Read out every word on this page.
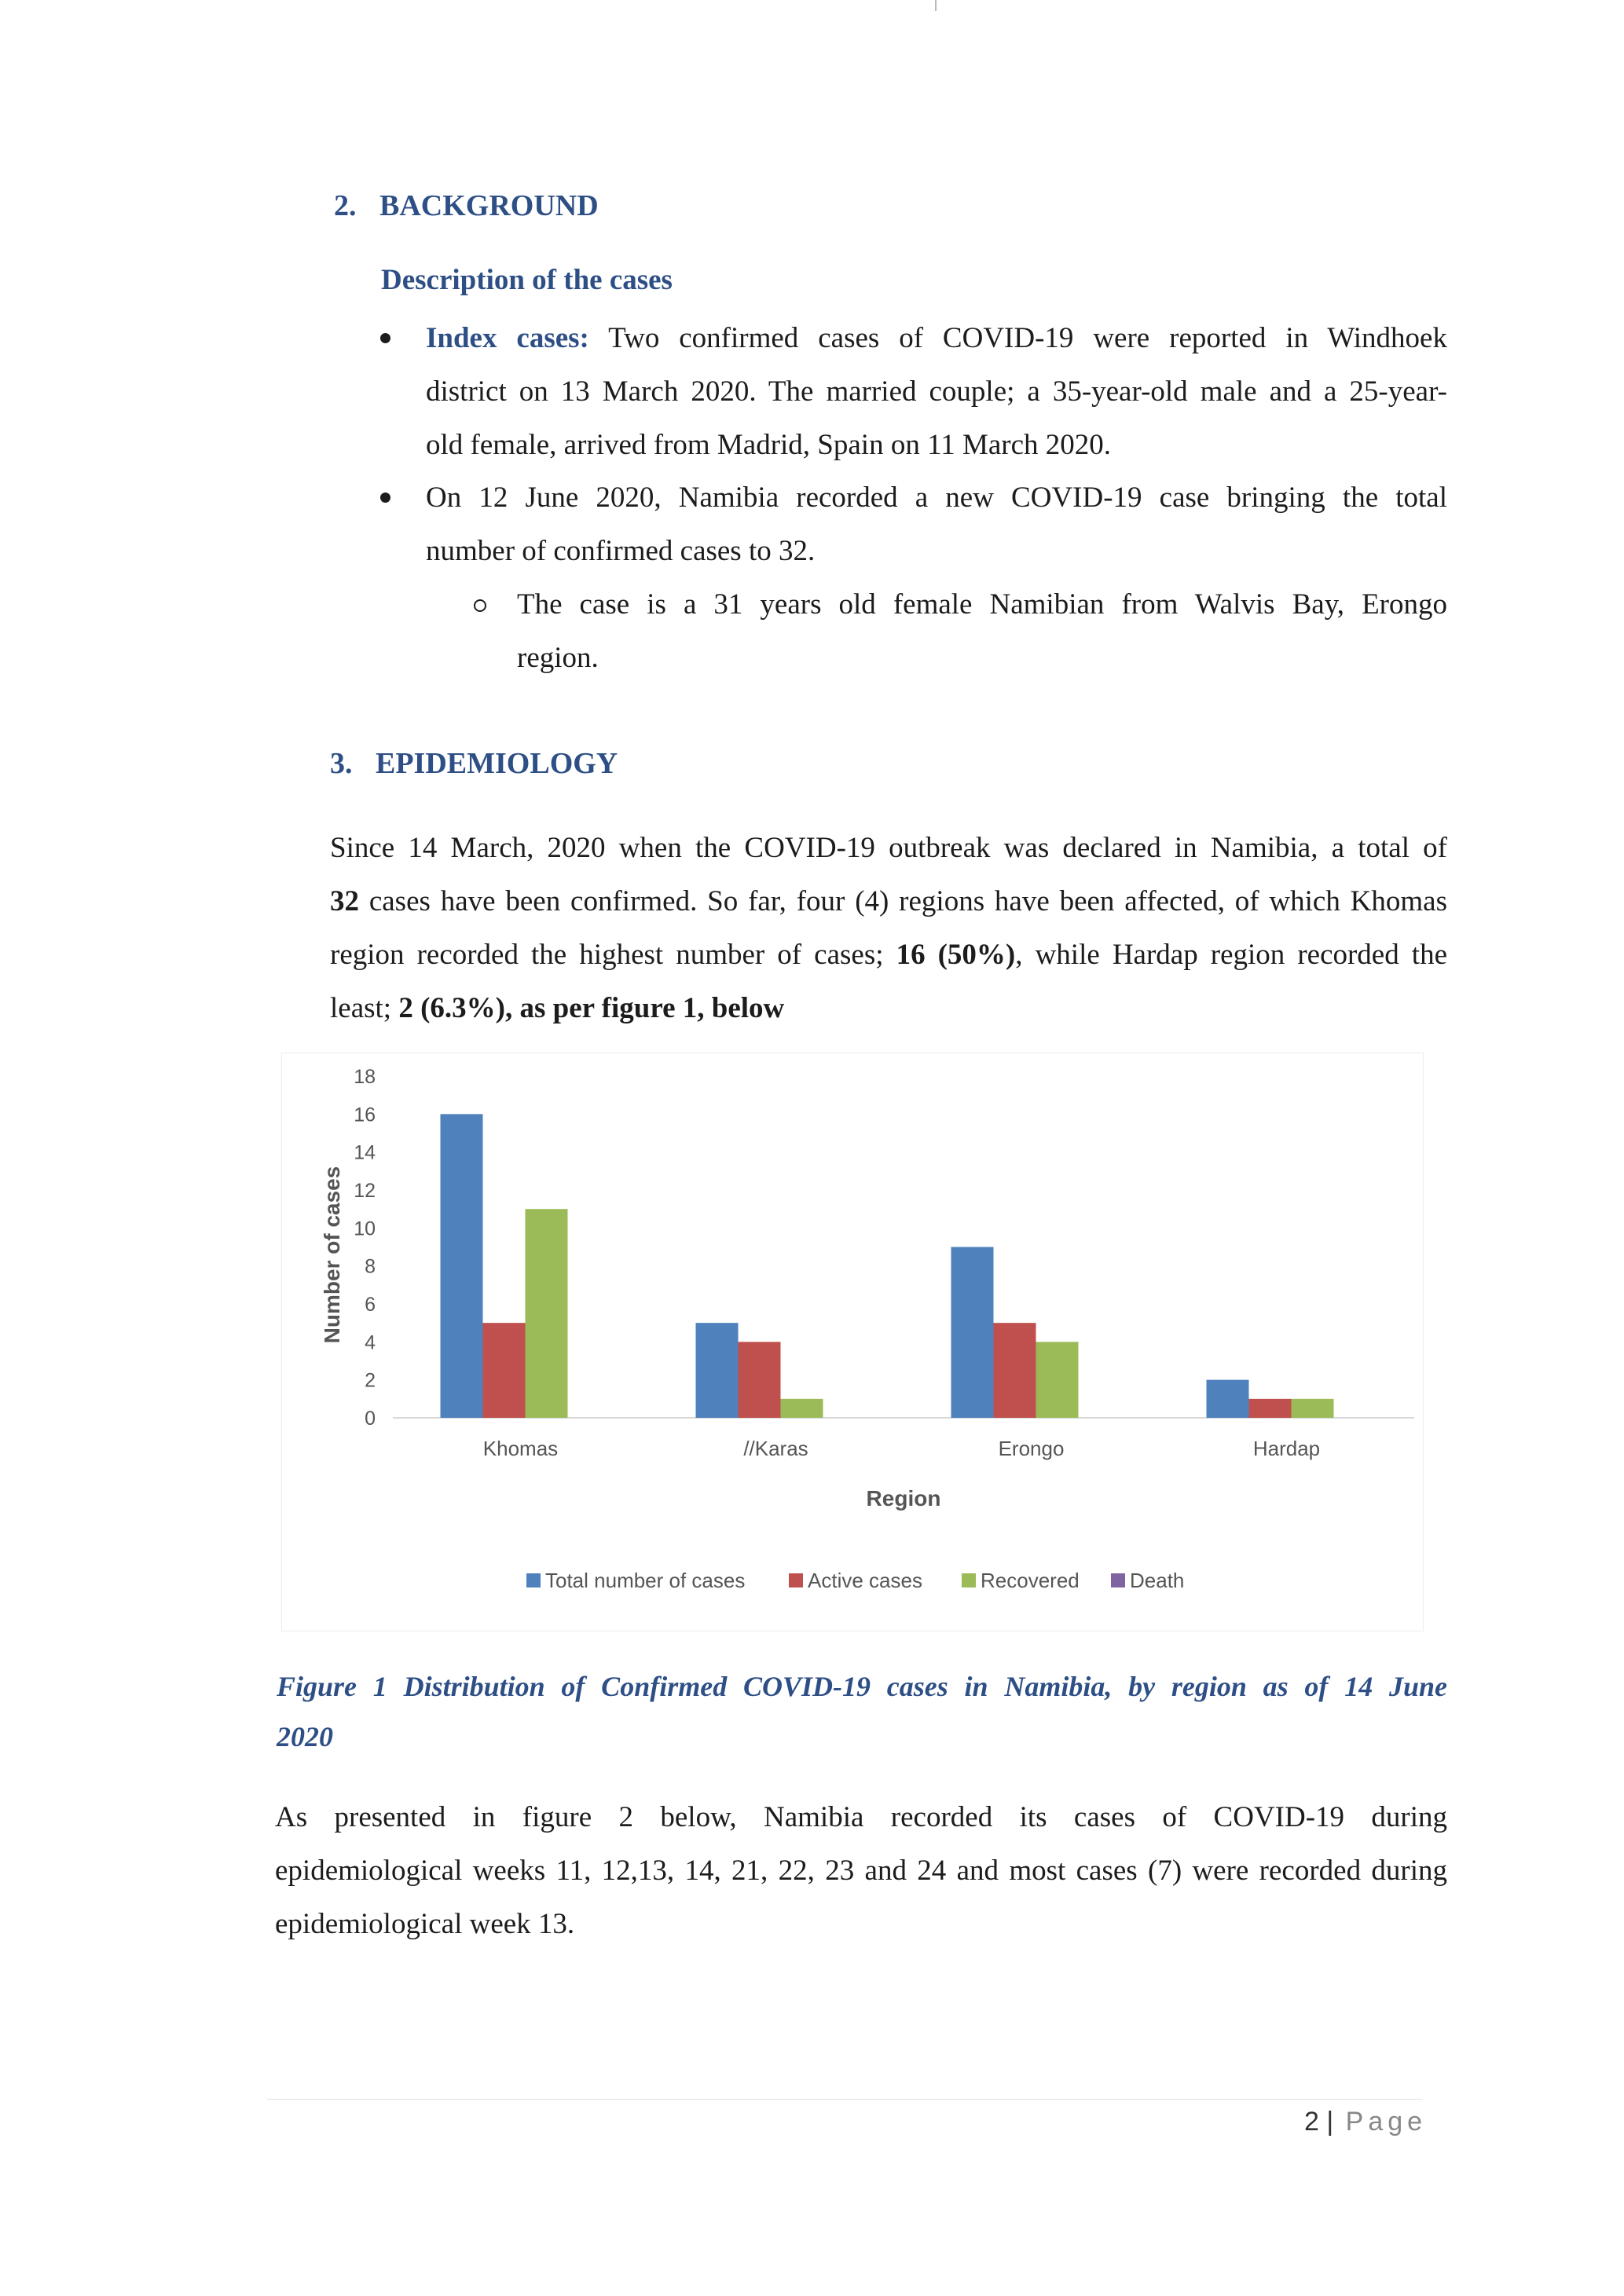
2. BACKGROUND
Description of the cases
Index cases: Two confirmed cases of COVID-19 were reported in Windhoek
district on 13 March 2020. The married couple; a 35-year-old male and a 25-year-
old female, arrived from Madrid, Spain on 11 March 2020.
On 12 June 2020, Namibia recorded a new COVID-19 case bringing the total
number of confirmed cases to 32.
The case is a 31 years old female Namibian from Walvis Bay, Erongo
region.
3. EPIDEMIOLOGY
Since 14 March, 2020 when the COVID-19 outbreak was declared in Namibia, a total of
32 cases have been confirmed. So far, four (4) regions have been affected, of which Khomas
region recorded the highest number of cases; 16 (50%), while Hardap region recorded the
least; 2 (6.3%), as per figure 1, below
0
2
4
6
8
10
12
14
16
18
Khomas	//Karas	Erongo	Hardap
Number of cases
Region
Total number of cases	Active cases	Recovered	Death
Figure 1 Distribution of Confirmed COVID-19 cases in Namibia, by region as of 14 June
2020
As presented in figure 2 below, Namibia recorded its cases of COVID-19 during
epidemiological weeks 11, 12,13, 14, 21, 22, 23 and 24 and most cases (7) were recorded during
epidemiological week 13.
2 | Page
